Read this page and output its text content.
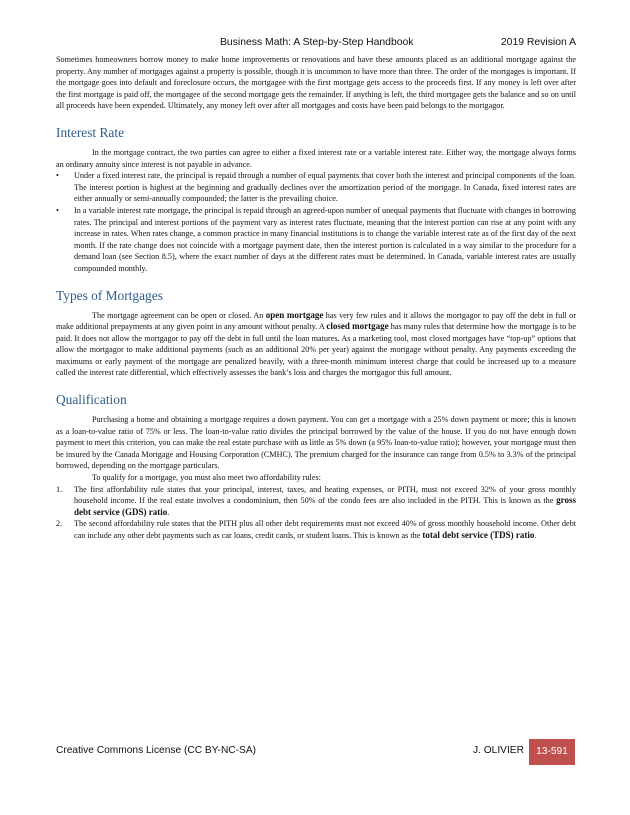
Business Math: A Step-by-Step Handbook	2019 Revision A

Sometimes homeowners borrow money to make home improvements or renovations and have these amounts placed as an additional mortgage against the property. Any number of mortgages against a property is possible, though it is uncommon to have more than three. The order of the mortgages is important. If the mortgage goes into default and foreclosure occurs, the mortgagee with the first mortgage gets access to the proceeds first. If any money is left over after the first mortgage is paid off, the mortgagee of the second mortgage gets the remainder. If anything is left, the third mortgagee gets the balance and so on until all proceeds have been expended. Ultimately, any money left over after all mortgages and costs have been paid belongs to the mortgagor.

Interest Rate

In the mortgage contract, the two parties can agree to either a fixed interest rate or a variable interest rate. Either way, the mortgage always forms an ordinary annuity since interest is not payable in advance.

• Under a fixed interest rate, the principal is repaid through a number of equal payments that cover both the interest and principal components of the loan. The interest portion is highest at the beginning and gradually declines over the amortization period of the mortgage. In Canada, fixed interest rates are either annually or semi-annually compounded; the latter is the prevailing choice.
• In a variable interest rate mortgage, the principal is repaid through an agreed-upon number of unequal payments that fluctuate with changes in borrowing rates. The principal and interest portions of the payment vary as interest rates fluctuate, meaning that the interest portion can rise at any point with any increase in rates. When rates change, a common practice in many financial institutions is to change the variable interest rate as of the first day of the next month. If the rate change does not coincide with a mortgage payment date, then the interest portion is calculated in a way similar to the procedure for a demand loan (see Section 8.5), where the exact number of days at the different rates must be determined. In Canada, variable interest rates are usually compounded monthly.
Types of Mortgages

The mortgage agreement can be open or closed. An open mortgage has very few rules and it allows the mortgagor to pay off the debt in full or make additional prepayments at any given point in any amount without penalty. A closed mortgage has many rules that determine how the mortgage is to be paid. It does not allow the mortgagor to pay off the debt in full until the loan matures. As a marketing tool, most closed mortgages have “top-up” options that allow the mortgagor to make additional payments (such as an additional 20% per year) against the mortgage without penalty. Any payments exceeding the maximums or early payment of the mortgage are penalized heavily, with a three-month minimum interest charge that could be increased up to a measure called the interest rate differential, which effectively assesses the bank’s loss and charges the mortgagor this full amount.

Qualification

Purchasing a home and obtaining a mortgage requires a down payment. You can get a mortgage with a 25% down payment or more; this is known as a loan-to-value ratio of 75% or less. The loan-to-value ratio divides the principal borrowed by the value of the house. If you do not have enough down payment to meet this criterion, you can make the real estate purchase with as little as 5% down (a 95% loan-to-value ratio); however, your mortgage must then be insured by the Canada Mortgage and Housing Corporation (CMHC). The premium charged for the insurance can range from 0.5% to 3.3% of the principal borrowed, depending on the mortgage particulars.

To qualify for a mortgage, you must also meet two affordability rules:

1. The first affordability rule states that your principal, interest, taxes, and heating expenses, or PITH, must not exceed 32% of your gross monthly household income. If the real estate involves a condominium, then 50% of the condo fees are also included in the PITH. This is known as the gross debt service (GDS) ratio.
2. The second affordability rule states that the PITH plus all other debt requirements must not exceed 40% of gross monthly household income. Other debt can include any other debt payments such as car loans, credit cards, or student loans. This is known as the total debt service (TDS) ratio.
Creative Commons License (CC BY-NC-SA)	J. OLIVIER	13-591
